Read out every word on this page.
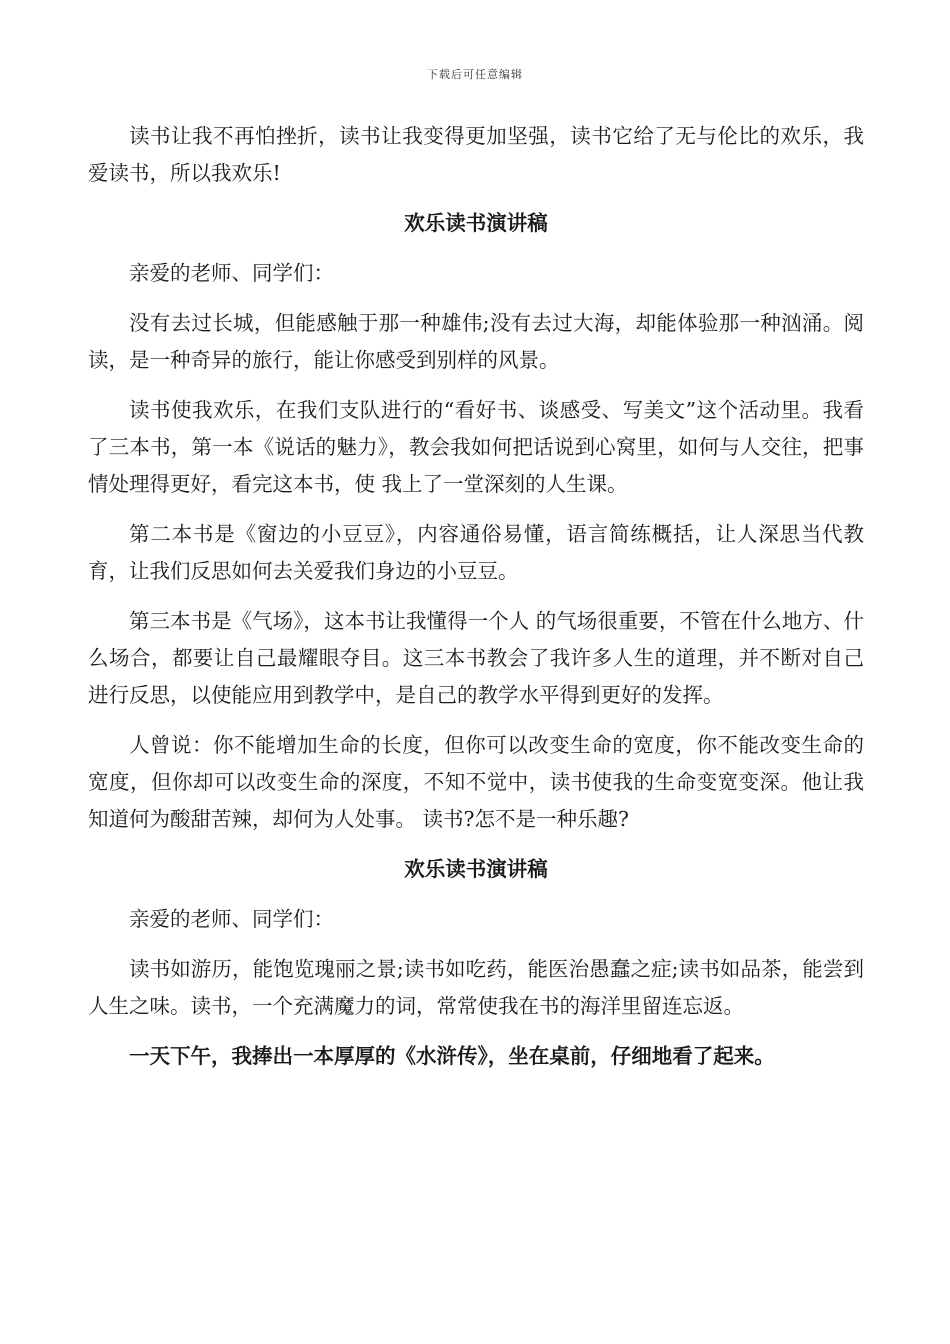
下载后可任意编辑

读书让我不再怕挫折，读书让我变得更加坚强，读书它给了无与伦比的欢乐，我爱读书，所以我欢乐!

欢乐读书演讲稿

亲爱的老师、同学们：

没有去过长城，但能感触于那一种雄伟;没有去过大海，却能体验那一种汹涌。阅读，是一种奇异的旅行，能让你感受到别样的风景。

读书使我欢乐，在我们支队进行的“看好书、谈感受、写美文”这个活动里。我看了三本书，第一本《说话的魅力》，教会我如何把话说到心窝里，如何与人交往，把事情处理得更好，看完这本书，使 我上了一堂深刻的人生课。

第二本书是《窗边的小豆豆》，内容通俗易懂，语言简练概括，让人深思当代教育，让我们反思如何去关爱我们身边的小豆豆。

第三本书是《气场》，这本书让我懂得一个人 的气场很重要，不管在什么地方、什么场合，都要让自己最耀眼夺目。这三本书教会了我许多人生的道理，并不断对自己进行反思，以使能应用到教学中，是自己的教学水平得到更好的发挥。

人曾说：你不能增加生命的长度，但你可以改变生命的宽度，你不能改变生命的宽度，但你却可以改变生命的深度，不知不觉中，读书使我的生命变宽变深。他让我知道何为酸甜苦辣，却何为人处事。 读书?怎不是一种乐趣?

欢乐读书演讲稿

亲爱的老师、同学们：

读书如游历，能饱览瑰丽之景;读书如吃药，能医治愚蠢之症;读书如品茶，能尝到人生之味。读书，一个充满魔力的词，常常使我在书的海洋里留连忘返。

一天下午，我捧出一本厚厚的《水浒传》，坐在桌前，仔细地看了起来。
